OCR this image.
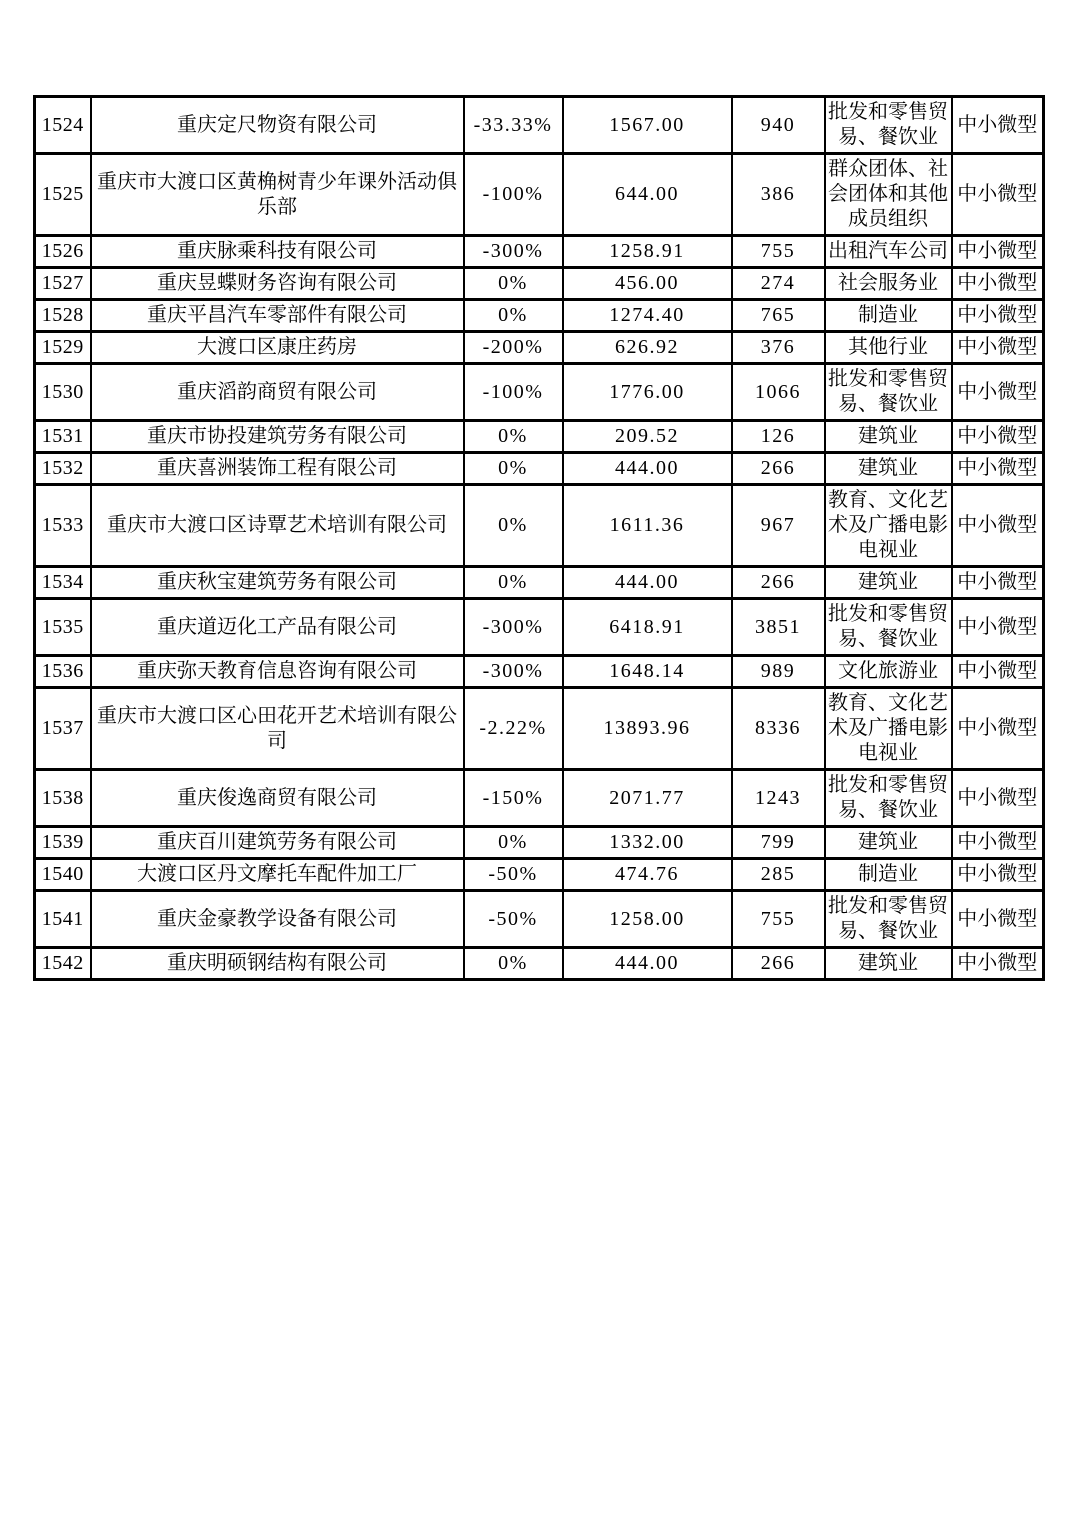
1524	重庆定尺物资有限公司	-33.33%	1567.00	940	批发和零售贸易、餐饮业	中小微型
1525	重庆市大渡口区黄桷树青少年课外活动俱乐部	-100%	644.00	386	群众团体、社会团体和其他成员组织	中小微型
1526	重庆脉乘科技有限公司	-300%	1258.91	755	出租汽车公司	中小微型
1527	重庆昱蝶财务咨询有限公司	0%	456.00	274	社会服务业	中小微型
1528	重庆平昌汽车零部件有限公司	0%	1274.40	765	制造业	中小微型
1529	大渡口区康庄药房	-200%	626.92	376	其他行业	中小微型
1530	重庆滔韵商贸有限公司	-100%	1776.00	1066	批发和零售贸易、餐饮业	中小微型
1531	重庆市协投建筑劳务有限公司	0%	209.52	126	建筑业	中小微型
1532	重庆喜洲装饰工程有限公司	0%	444.00	266	建筑业	中小微型
1533	重庆市大渡口区诗覃艺术培训有限公司	0%	1611.36	967	教育、文化艺术及广播电影电视业	中小微型
1534	重庆秋宝建筑劳务有限公司	0%	444.00	266	建筑业	中小微型
1535	重庆道迈化工产品有限公司	-300%	6418.91	3851	批发和零售贸易、餐饮业	中小微型
1536	重庆弥天教育信息咨询有限公司	-300%	1648.14	989	文化旅游业	中小微型
1537	重庆市大渡口区心田花开艺术培训有限公司	-2.22%	13893.96	8336	教育、文化艺术及广播电影电视业	中小微型
1538	重庆俊逸商贸有限公司	-150%	2071.77	1243	批发和零售贸易、餐饮业	中小微型
1539	重庆百川建筑劳务有限公司	0%	1332.00	799	建筑业	中小微型
1540	大渡口区丹文摩托车配件加工厂	-50%	474.76	285	制造业	中小微型
1541	重庆金豪教学设备有限公司	-50%	1258.00	755	批发和零售贸易、餐饮业	中小微型
1542	重庆明硕钢结构有限公司	0%	444.00	266	建筑业	中小微型
